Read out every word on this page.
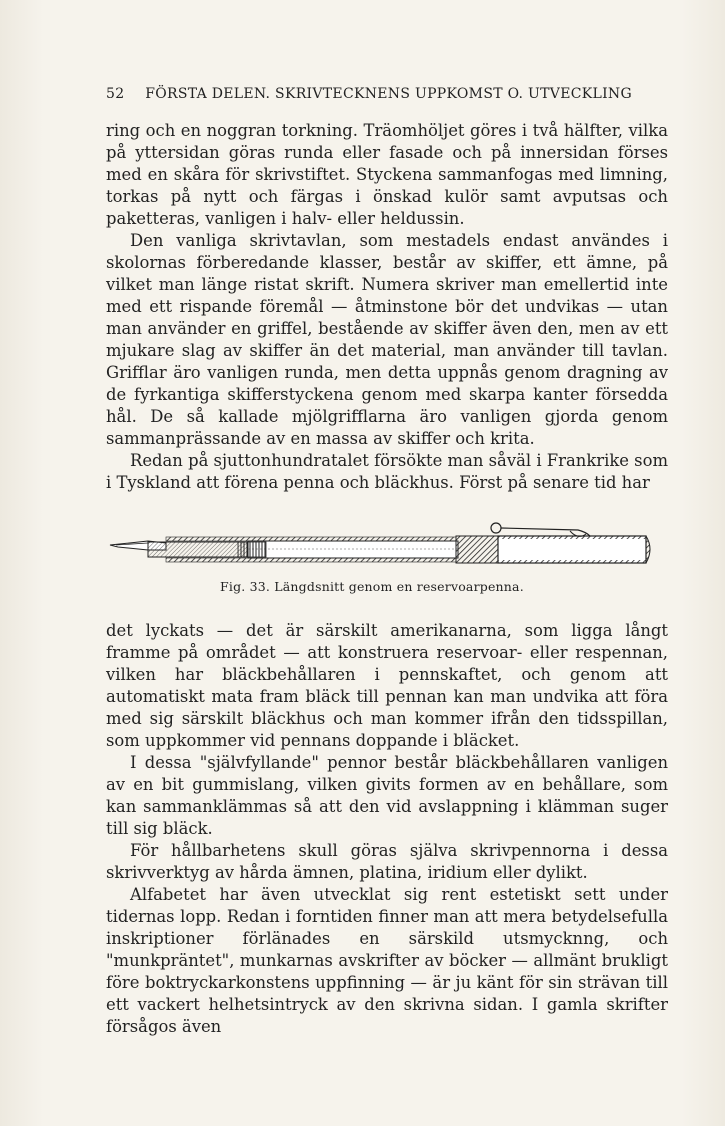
52 FÖRSTA DELEN. SKRIVTECKNENS UPPKOMST O. UTVECKLING

ring och en noggran torkning. Träomhöljet göres i två hälfter, vilka på yttersidan göras runda eller fasade och på innersidan förses med en skåra för skrivstiftet. Styckena sammanfogas med limning, torkas på nytt och färgas i önskad kulör samt avputsas och paketteras, vanligen i halv- eller heldussin.

Den vanliga skrivtavlan, som mestadels endast användes i skolornas förberedande klasser, består av skiffer, ett ämne, på vilket man länge ristat skrift. Numera skriver man emellertid inte med ett rispande föremål — åtminstone bör det undvikas — utan man använder en griffel, bestående av skiffer även den, men av ett mjukare slag av skiffer än det material, man använder till tavlan. Grifflar äro vanligen runda, men detta uppnås genom dragning av de fyrkantiga skifferstyckena genom med skarpa kanter försedda hål. De så kallade mjölgrifflarna äro vanligen gjorda genom sammanprässande av en massa av skiffer och krita.

Redan på sjuttonhundratalet försökte man såväl i Frankrike som i Tyskland att förena penna och bläckhus. Först på senare tid har

Fig. 33. Längdsnitt genom en reservoarpenna.

det lyckats — det är särskilt amerikanarna, som ligga långt framme på området — att konstruera reservoar- eller respennan, vilken har bläckbehållaren i pennskaftet, och genom att automatiskt mata fram bläck till pennan kan man undvika att föra med sig särskilt bläckhus och man kommer ifrån den tidsspillan, som uppkommer vid pennans doppande i bläcket.

I dessa "självfyllande" pennor består bläckbehållaren vanligen av en bit gummislang, vilken givits formen av en behållare, som kan sammanklämmas så att den vid avslappning i klämman suger till sig bläck.

För hållbarhetens skull göras själva skrivpennorna i dessa skrivverktyg av hårda ämnen, platina, iridium eller dylikt.

Alfabetet har även utvecklat sig rent estetiskt sett under tidernas lopp. Redan i forntiden finner man att mera betydelsefulla inskriptioner förlänades en särskild utsmycknng, och "munkpräntet", munkarnas avskrifter av böcker — allmänt brukligt före boktryckarkonstens uppfinning — är ju känt för sin strävan till ett vackert helhetsintryck av den skrivna sidan. I gamla skrifter försågos även
